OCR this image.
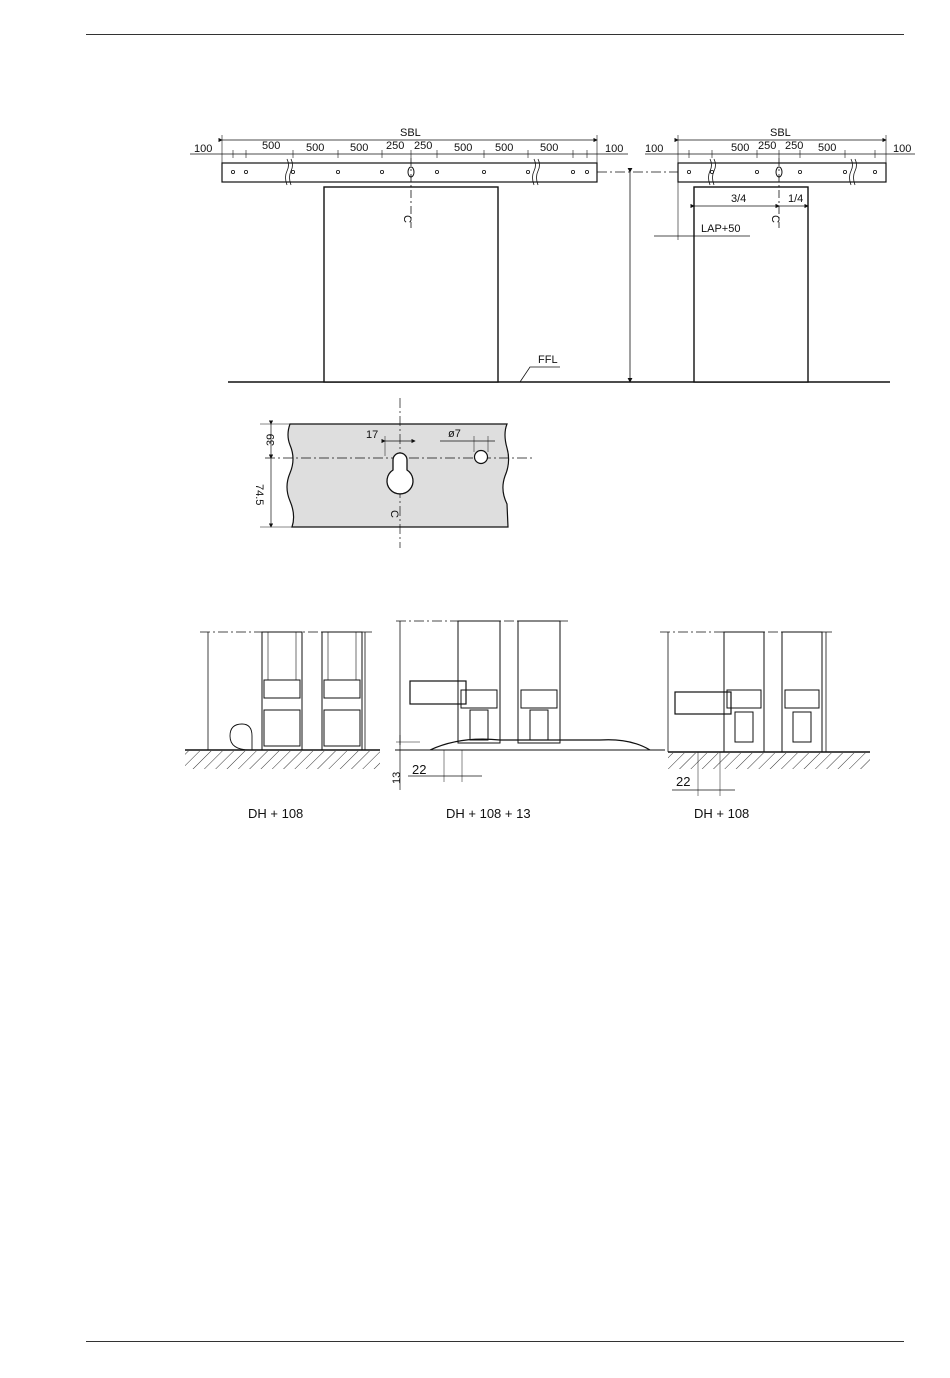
SBL	SBL
100	100 100	100
500 500 500 250 250 500 500 500	500 250 250 500
3/4	1/4
LAP+50
C	C
FFL
17	ø7
39
74.5
C
13
22
22
DH + 108	DH + 108 + 13	DH + 108
